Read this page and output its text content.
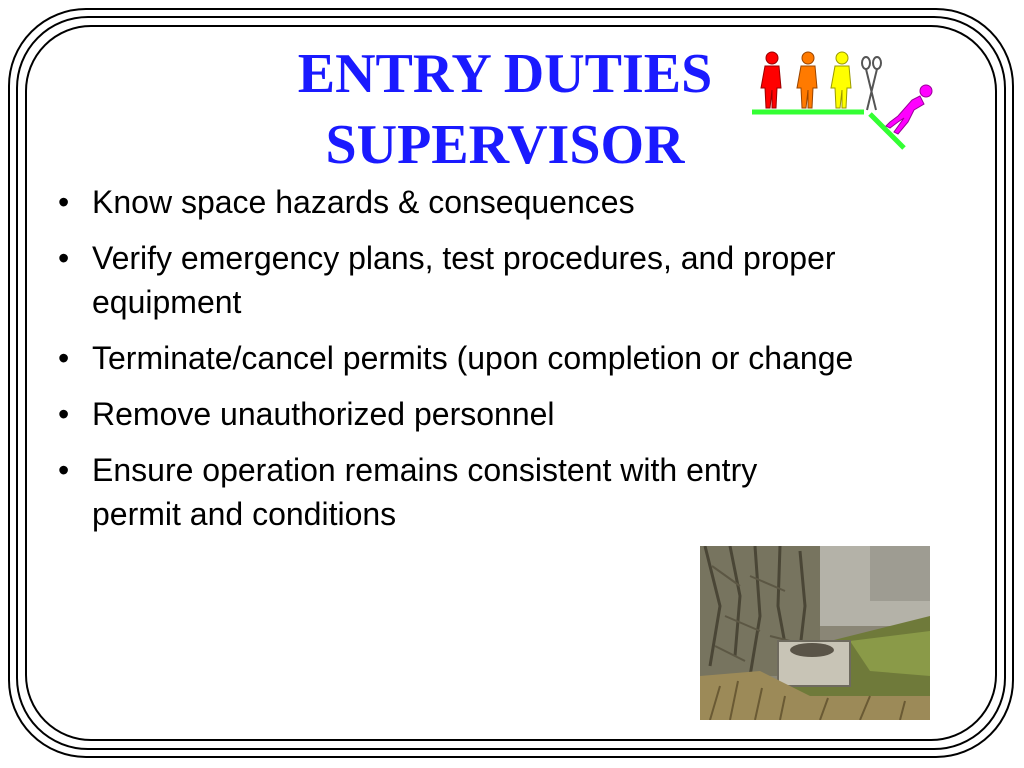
ENTRY DUTIES
SUPERVISOR
• Know space hazards & consequences
• Verify emergency plans, test procedures, and proper equipment
• Terminate/cancel permits (upon completion or change
• Remove unauthorized personnel
• Ensure operation remains consistent with entry permit and conditions
